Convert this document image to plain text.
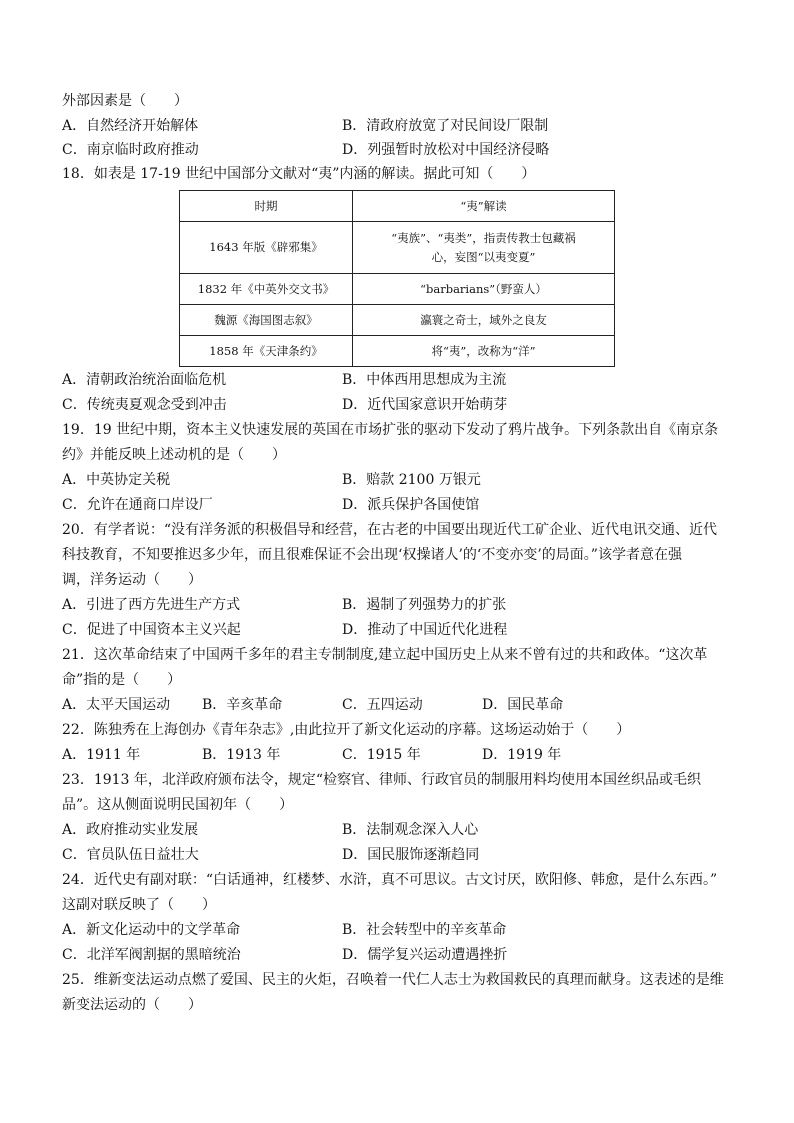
外部因素是（　　）
A．自然经济开始解体	B．清政府放宽了对民间设厂限制
C．南京临时政府推动	D．列强暂时放松对中国经济侵略
18．如表是 17-19 世纪中国部分文献对“夷”内涵的解读。据此可知（　　）
时期	“夷”解读
1643 年版《辟邪集》	“夷族”、“夷类”，指责传教士包藏祸心，妄图“以夷变夏”
1832 年《中英外交文书》	“barbarians”（野蛮人）
魏源《海国图志叙》	瀛寰之奇士，域外之良友
1858 年《天津条约》	将“夷”，改称为“洋”
A．清朝政治统治面临危机	B．中体西用思想成为主流
C．传统夷夏观念受到冲击	D．近代国家意识开始萌芽
19．19 世纪中期，资本主义快速发展的英国在市场扩张的驱动下发动了鸦片战争。下列条款出自《南京条
约》并能反映上述动机的是（　　）
A．中英协定关税	B．赔款 2100 万银元
C．允许在通商口岸设厂	D．派兵保护各国使馆
20．有学者说：“没有洋务派的积极倡导和经营，在古老的中国要出现近代工矿企业、近代电讯交通、近代
科技教育，不知要推迟多少年，而且很难保证不会出现‘权操诸人’的‘不变亦变’的局面。”该学者意在强
调，洋务运动（　　）
A．引进了西方先进生产方式	B．遏制了列强势力的扩张
C．促进了中国资本主义兴起	D．推动了中国近代化进程
21．这次革命结束了中国两千多年的君主专制制度,建立起中国历史上从来不曾有过的共和政体。“这次革
命”指的是（　　）
A．太平天国运动 B．辛亥革命	C．五四运动	D．国民革命
22．陈独秀在上海创办《青年杂志》,由此拉开了新文化运动的序幕。这场运动始于（　　）
A．1911 年	B．1913 年	C．1915 年	D．1919 年
23．1913 年，北洋政府颁布法令，规定“检察官、律师、行政官员的制服用料均使用本国丝织品或毛织
品”。这从侧面说明民国初年（　　）
A．政府推动实业发展	B．法制观念深入人心
C．官员队伍日益壮大	D．国民服饰逐渐趋同
24．近代史有副对联：“白话通神，红楼梦、水浒，真不可思议。古文讨厌，欧阳修、韩愈，是什么东西。”
这副对联反映了（　　）
A．新文化运动中的文学革命	B．社会转型中的辛亥革命
C．北洋军阀割据的黑暗统治	D．儒学复兴运动遭遇挫折
25．维新变法运动点燃了爱国、民主的火炬，召唤着一代仁人志士为救国救民的真理而献身。这表述的是维
新变法运动的（　　）
